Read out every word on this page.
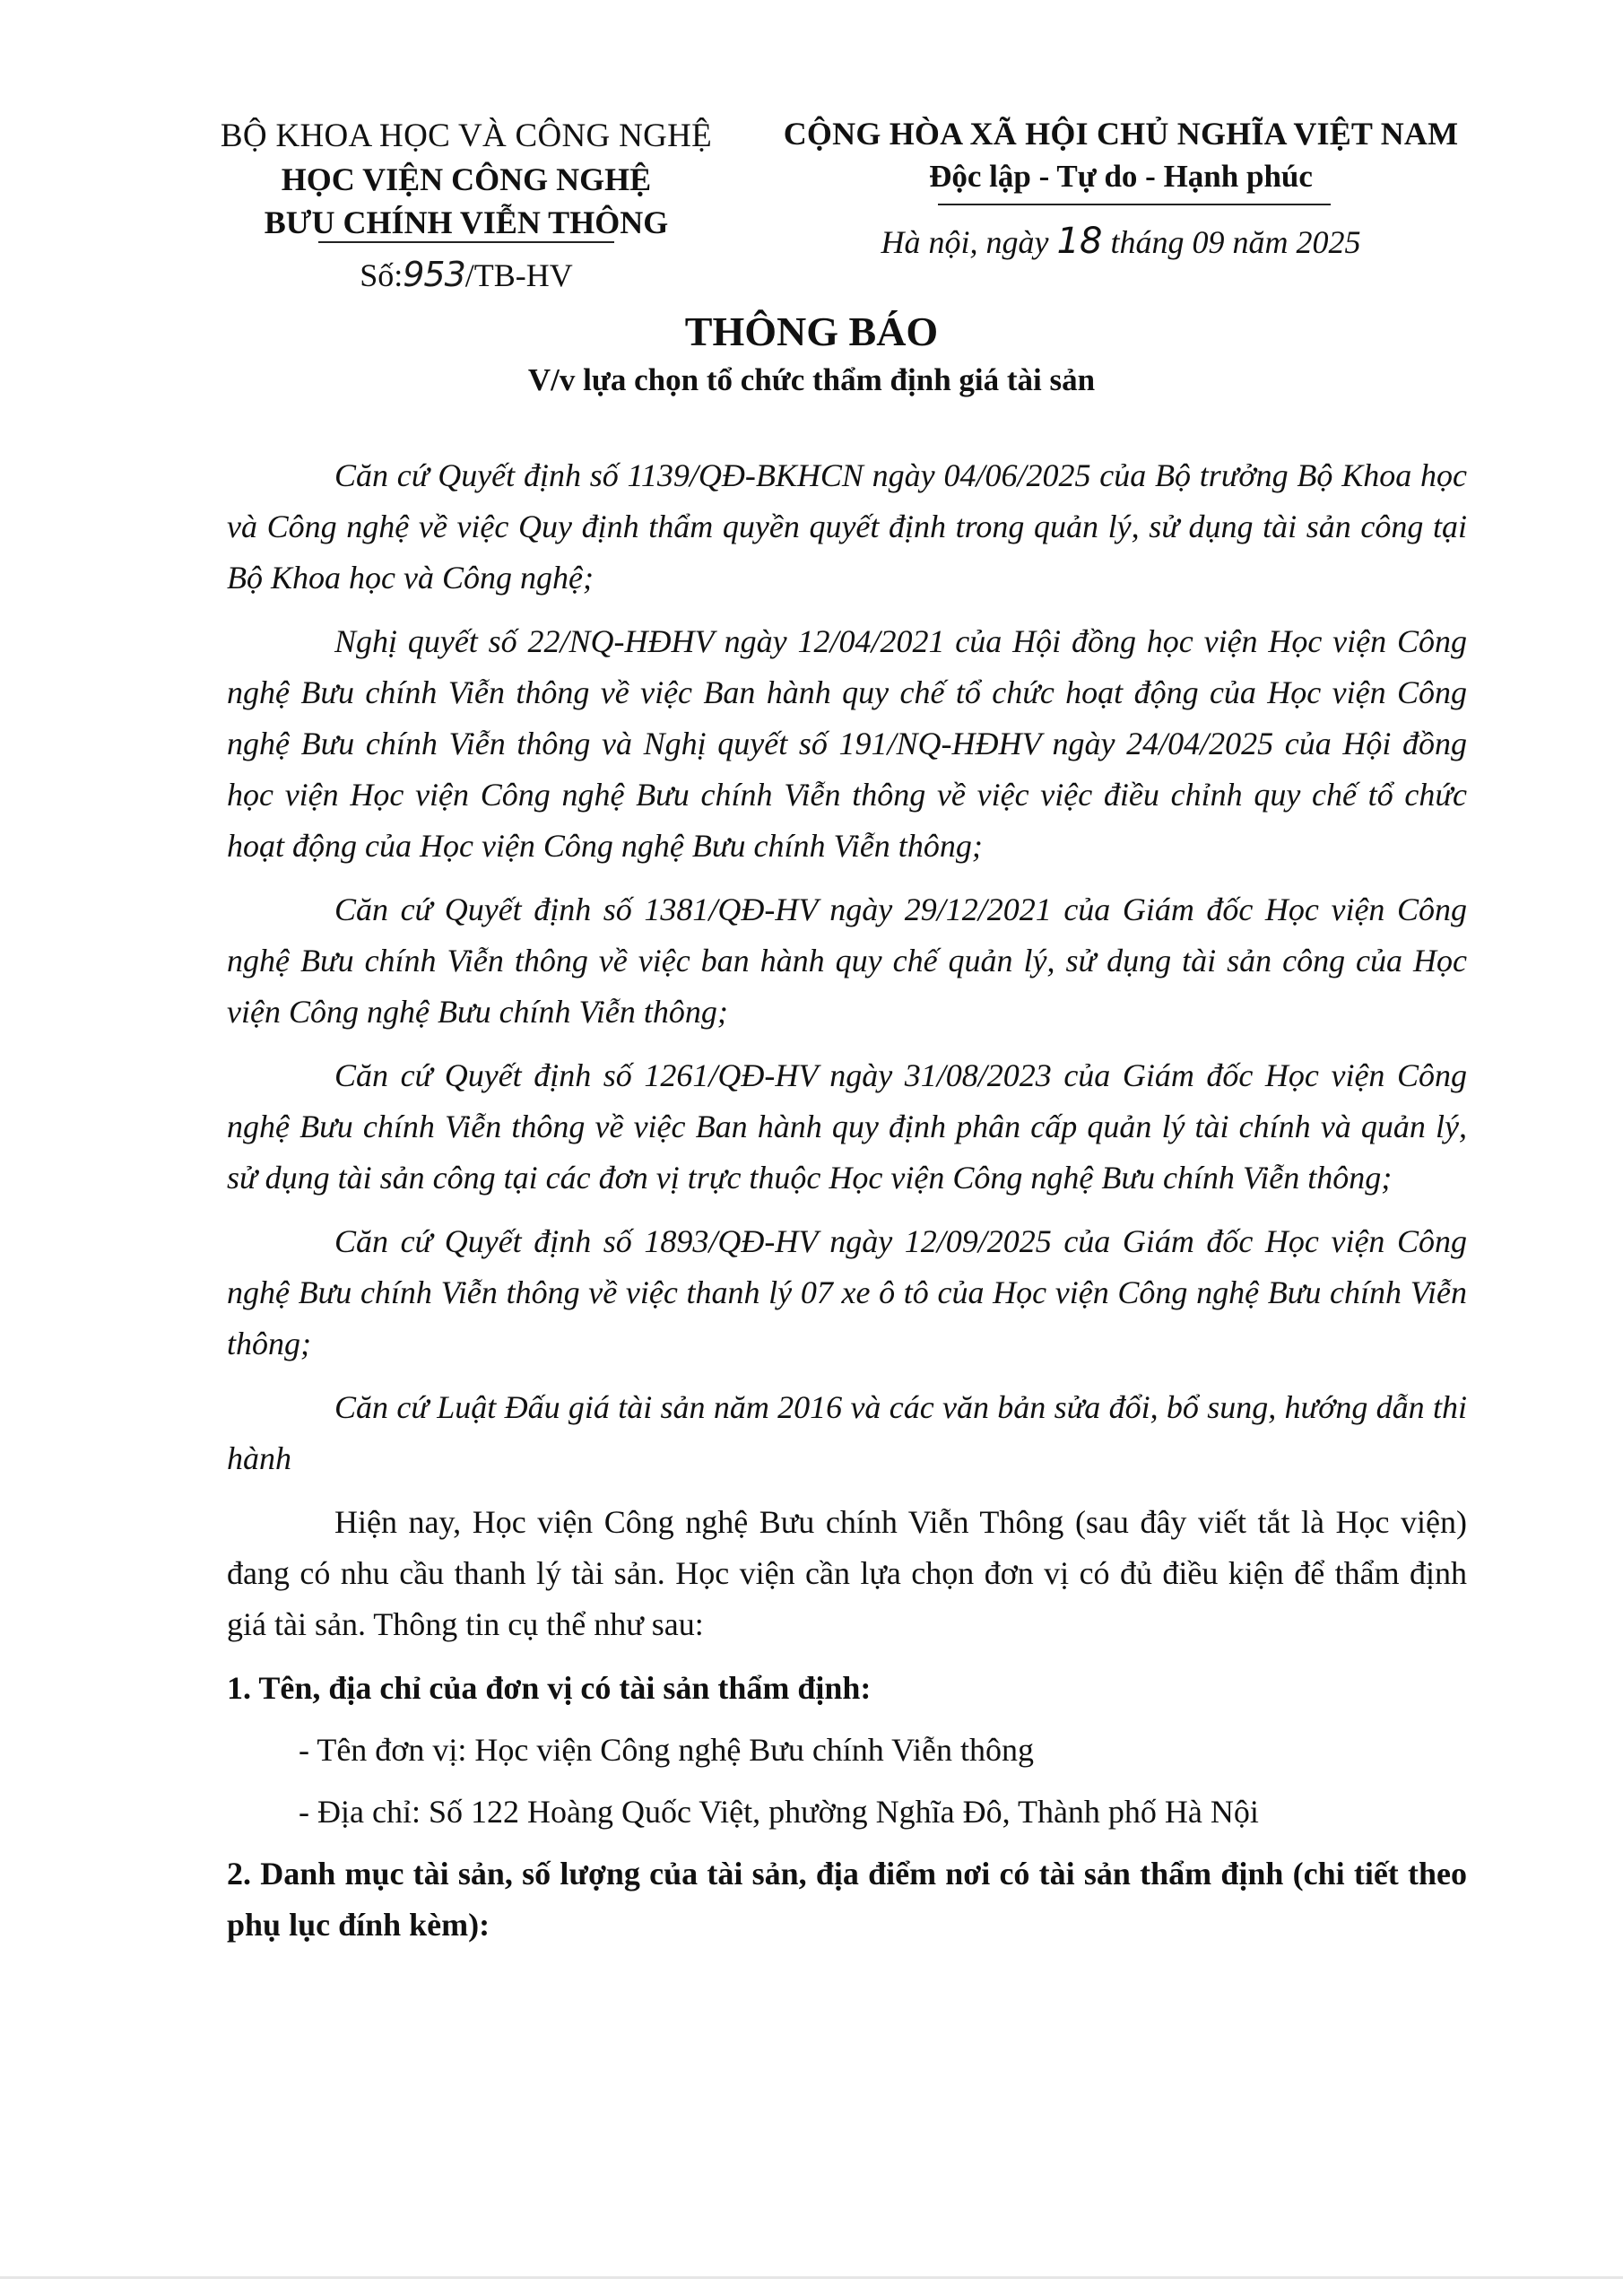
BỘ KHOA HỌC VÀ CÔNG NGHỆ
HỌC VIỆN CÔNG NGHỆ
BƯU CHÍNH VIỄN THÔNG
Số:953/TB-HV
CỘNG HÒA XÃ HỘI CHỦ NGHĨA VIỆT NAM
Độc lập - Tự do - Hạnh phúc
Hà nội, ngày 18 tháng 09 năm 2025
THÔNG BÁO
V/v lựa chọn tổ chức thẩm định giá tài sản

Căn cứ Quyết định số 1139/QĐ-BKHCN ngày 04/06/2025 của Bộ trưởng Bộ Khoa học và Công nghệ về việc Quy định thẩm quyền quyết định trong quản lý, sử dụng tài sản công tại Bộ Khoa học và Công nghệ;

Nghị quyết số 22/NQ-HĐHV ngày 12/04/2021 của Hội đồng học viện Học viện Công nghệ Bưu chính Viễn thông về việc Ban hành quy chế tổ chức hoạt động của Học viện Công nghệ Bưu chính Viễn thông và Nghị quyết số 191/NQ-HĐHV ngày 24/04/2025 của Hội đồng học viện Học viện Công nghệ Bưu chính Viễn thông về việc việc điều chỉnh quy chế tổ chức hoạt động của Học viện Công nghệ Bưu chính Viễn thông;

Căn cứ Quyết định số 1381/QĐ-HV ngày 29/12/2021 của Giám đốc Học viện Công nghệ Bưu chính Viễn thông về việc ban hành quy chế quản lý, sử dụng tài sản công của Học viện Công nghệ Bưu chính Viễn thông;

Căn cứ Quyết định số 1261/QĐ-HV ngày 31/08/2023 của Giám đốc Học viện Công nghệ Bưu chính Viễn thông về việc Ban hành quy định phân cấp quản lý tài chính và quản lý, sử dụng tài sản công tại các đơn vị trực thuộc Học viện Công nghệ Bưu chính Viễn thông;

Căn cứ Quyết định số 1893/QĐ-HV ngày 12/09/2025 của Giám đốc Học viện Công nghệ Bưu chính Viễn thông về việc thanh lý 07 xe ô tô của Học viện Công nghệ Bưu chính Viễn thông;

Căn cứ Luật Đấu giá tài sản năm 2016 và các văn bản sửa đổi, bổ sung, hướng dẫn thi hành

Hiện nay, Học viện Công nghệ Bưu chính Viễn Thông (sau đây viết tắt là Học viện) đang có nhu cầu thanh lý tài sản. Học viện cần lựa chọn đơn vị có đủ điều kiện để thẩm định giá tài sản. Thông tin cụ thể như sau:

1. Tên, địa chỉ của đơn vị có tài sản thẩm định:
- Tên đơn vị: Học viện Công nghệ Bưu chính Viễn thông
- Địa chỉ: Số 122 Hoàng Quốc Việt, phường Nghĩa Đô, Thành phố Hà Nội
2. Danh mục tài sản, số lượng của tài sản, địa điểm nơi có tài sản thẩm định (chi tiết theo phụ lục đính kèm):
